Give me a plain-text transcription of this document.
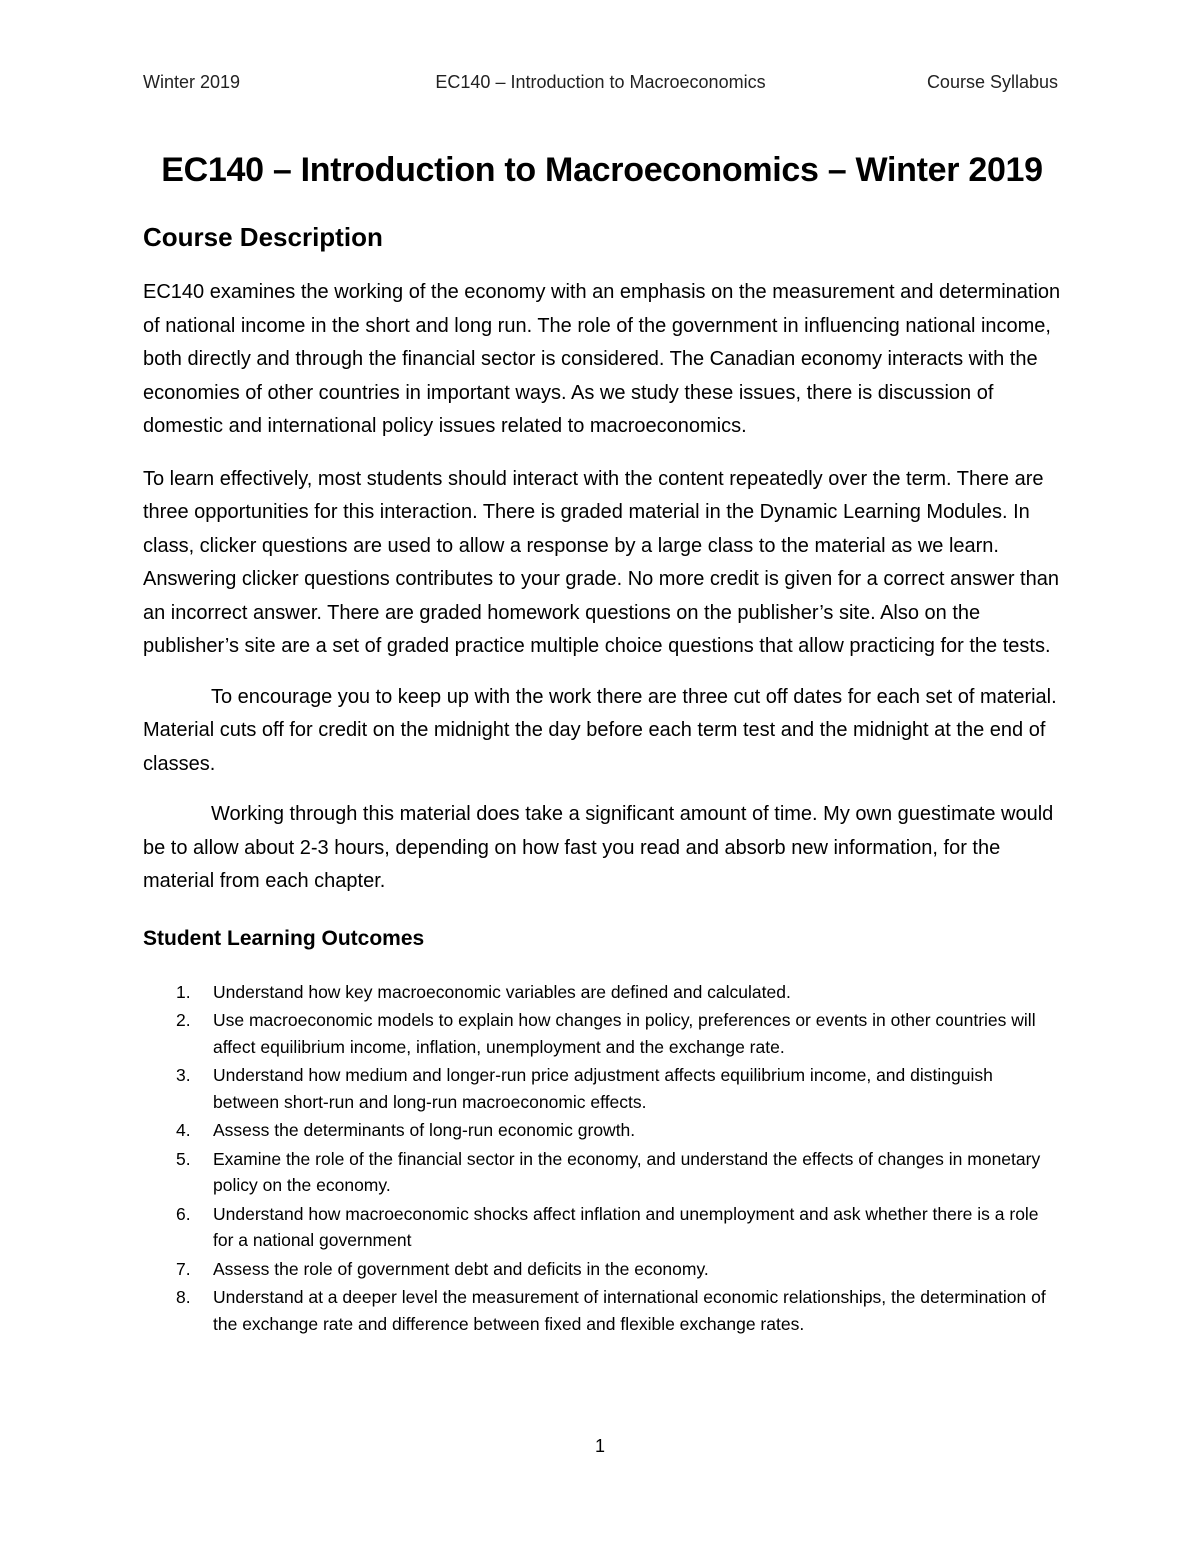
Winter 2019	EC140 – Introduction to Macroeconomics	Course Syllabus
EC140 – Introduction to Macroeconomics – Winter 2019
Course Description

EC140 examines the working of the economy with an emphasis on the measurement and determination of national income in the short and long run. The role of the government in influencing national income, both directly and through the financial sector is considered. The Canadian economy interacts with the economies of other countries in important ways. As we study these issues, there is discussion of domestic and international policy issues related to macroeconomics.

To learn effectively, most students should interact with the content repeatedly over the term. There are three opportunities for this interaction. There is graded material in the Dynamic Learning Modules. In class, clicker questions are used to allow a response by a large class to the material as we learn. Answering clicker questions contributes to your grade. No more credit is given for a correct answer than an incorrect answer. There are graded homework questions on the publisher’s site. Also on the publisher’s site are a set of graded practice multiple choice questions that allow practicing for the tests.

To encourage you to keep up with the work there are three cut off dates for each set of material. Material cuts off for credit on the midnight the day before each term test and the midnight at the end of classes.

Working through this material does take a significant amount of time. My own guestimate would be to allow about 2-3 hours, depending on how fast you read and absorb new information, for the material from each chapter.

Student Learning Outcomes
1. Understand how key macroeconomic variables are defined and calculated.
2. Use macroeconomic models to explain how changes in policy, preferences or events in other countries will affect equilibrium income, inflation, unemployment and the exchange rate.
3. Understand how medium and longer-run price adjustment affects equilibrium income, and distinguish between short-run and long-run macroeconomic effects.
4. Assess the determinants of long-run economic growth.
5. Examine the role of the financial sector in the economy, and understand the effects of changes in monetary policy on the economy.
6. Understand how macroeconomic shocks affect inflation and unemployment and ask whether there is a role for a national government
7. Assess the role of government debt and deficits in the economy.
8. Understand at a deeper level the measurement of international economic relationships, the determination of the exchange rate and difference between fixed and flexible exchange rates.
1
